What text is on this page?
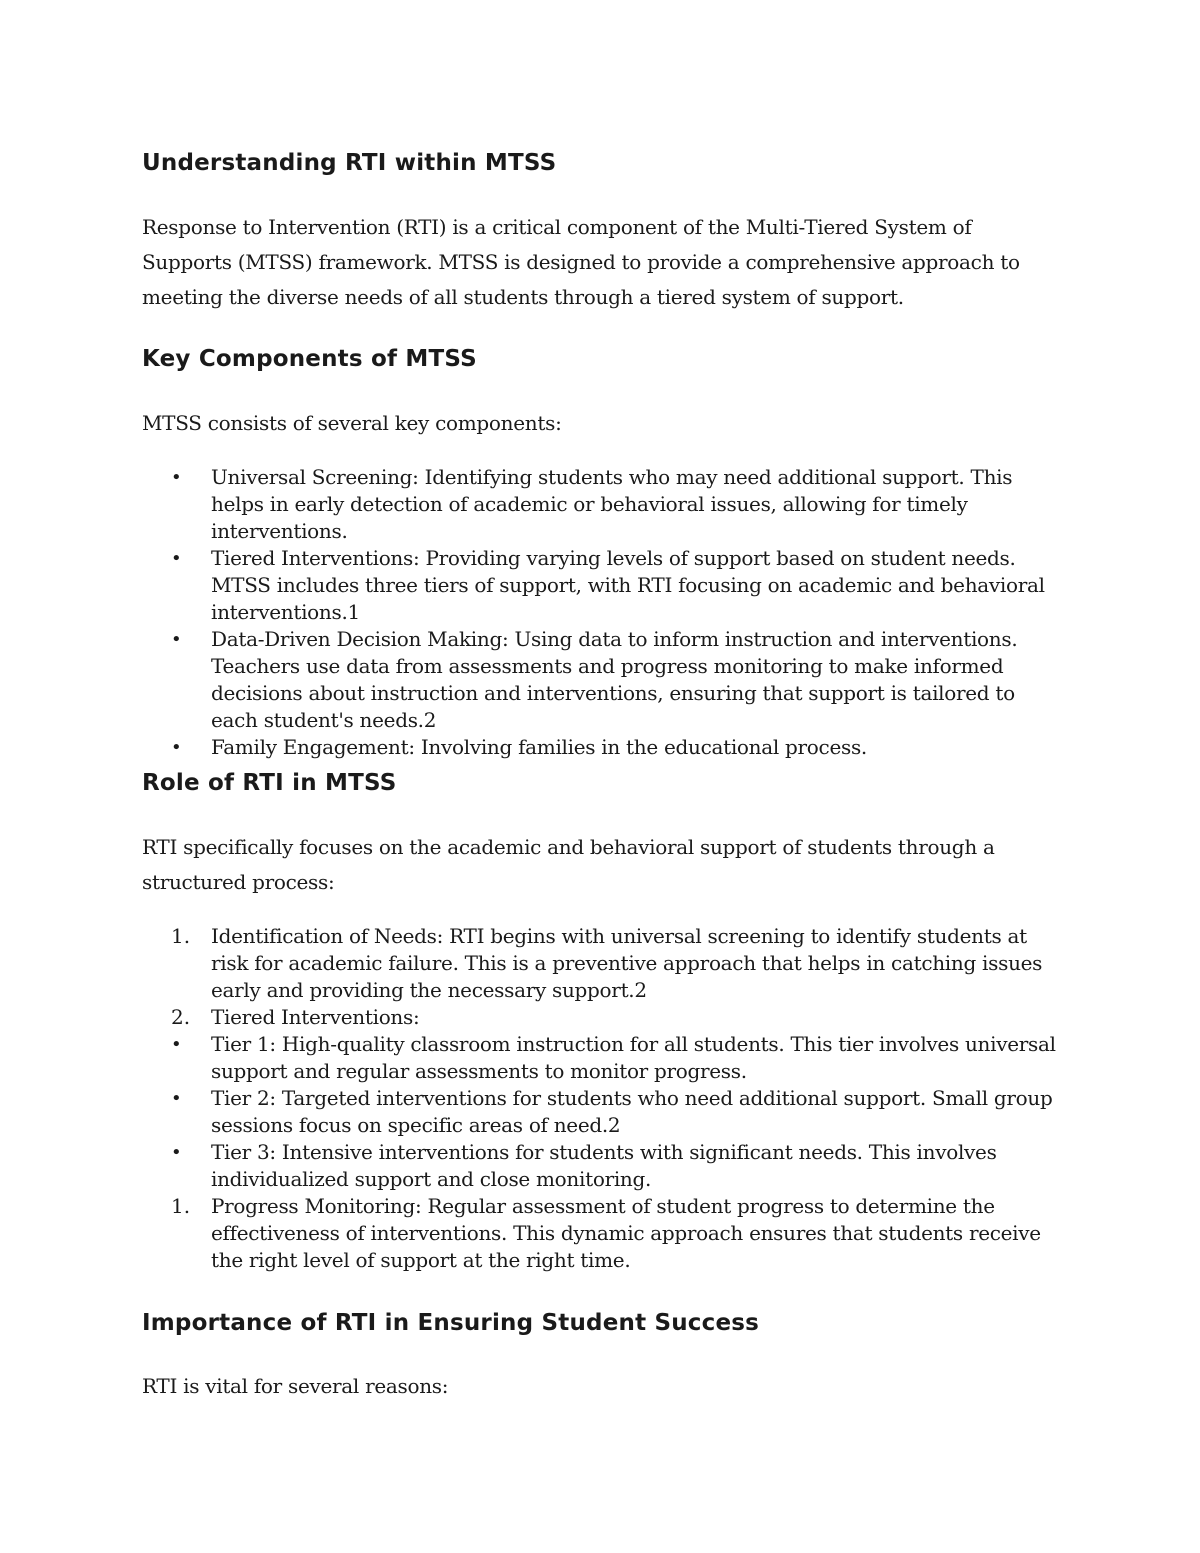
Understanding RTI within MTSS

Response to Intervention (RTI) is a critical component of the Multi-Tiered System of Supports (MTSS) framework. MTSS is designed to provide a comprehensive approach to meeting the diverse needs of all students through a tiered system of support.

Key Components of MTSS

MTSS consists of several key components:

•	Universal Screening: Identifying students who may need additional support. This helps in early detection of academic or behavioral issues, allowing for timely interventions.
•	Tiered Interventions: Providing varying levels of support based on student needs. MTSS includes three tiers of support, with RTI focusing on academic and behavioral interventions.1
•	Data-Driven Decision Making: Using data to inform instruction and interventions. Teachers use data from assessments and progress monitoring to make informed decisions about instruction and interventions, ensuring that support is tailored to each student's needs.2
•	Family Engagement: Involving families in the educational process.
Role of RTI in MTSS

RTI specifically focuses on the academic and behavioral support of students through a structured process:

1.	Identification of Needs: RTI begins with universal screening to identify students at risk for academic failure. This is a preventive approach that helps in catching issues early and providing the necessary support.2
2.	Tiered Interventions:
•	Tier 1: High-quality classroom instruction for all students. This tier involves universal support and regular assessments to monitor progress.
•	Tier 2: Targeted interventions for students who need additional support. Small group sessions focus on specific areas of need.2
•	Tier 3: Intensive interventions for students with significant needs. This involves individualized support and close monitoring.
1.	Progress Monitoring: Regular assessment of student progress to determine the effectiveness of interventions. This dynamic approach ensures that students receive the right level of support at the right time.
Importance of RTI in Ensuring Student Success

RTI is vital for several reasons:
